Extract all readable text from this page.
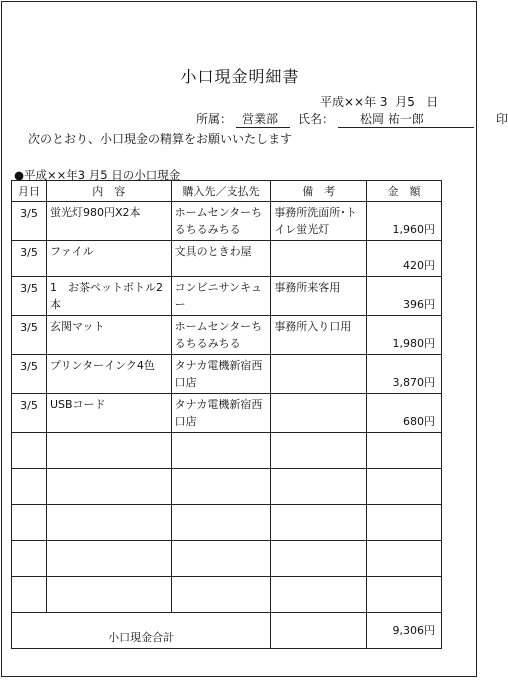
小口現金明細書
平成××年 3  月5   日
所属： 営業部 氏名： 松岡 祐一郎	印
次のとおり、小口現金の精算をお願いいたします
●平成××年3 月5 日の小口現金
月日	内　容	購入先／支払先	備　考	金　額
3/5	蛍光灯980円X2本	ホームセンターちるちるみちる	事務所洗面所･トイレ蛍光灯	1,960円
3/5	ファイル	文具のときわ屋		420円
3/5	1　お茶ペットボトル2本	コンビニサンキュー	事務所来客用	396円
3/5	玄関マット	ホームセンターちるちるみちる	事務所入り口用	1,980円
3/5	プリンターインク4色	タナカ電機新宿西口店		3,870円
3/5	USBコード	タナカ電機新宿西口店		680円

小口現金合計				9,306円
